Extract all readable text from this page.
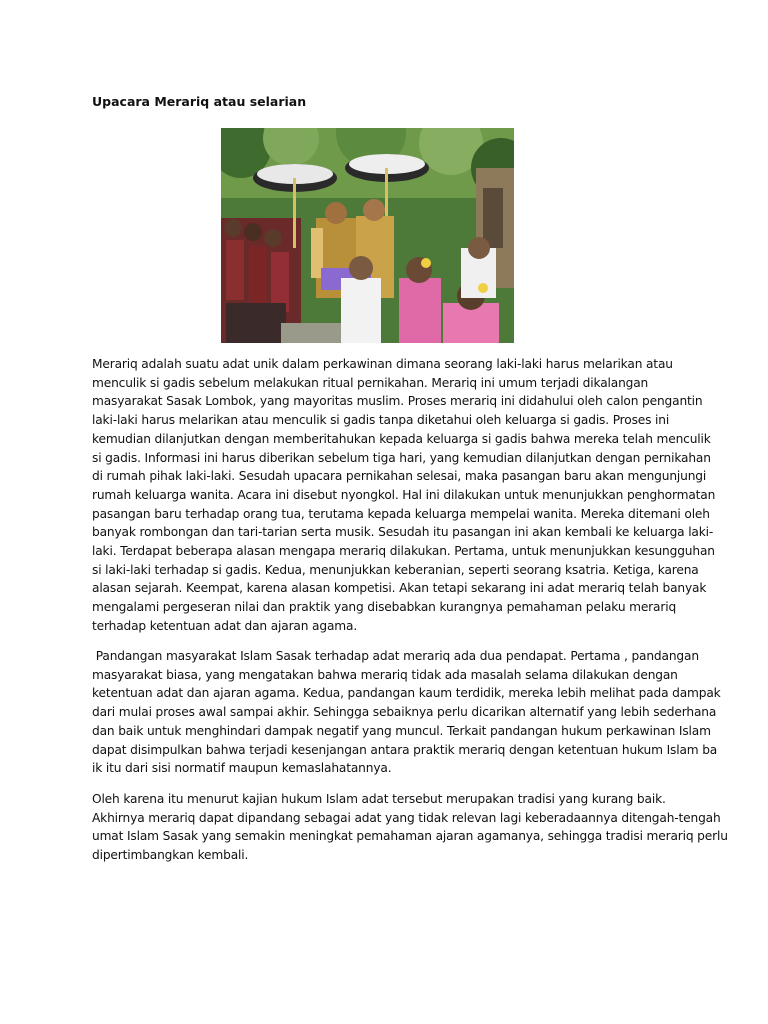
Upacara Merariq atau selarian
Merariq adalah suatu adat unik dalam perkawinan dimana seorang laki-laki harus melarikan atau
menculik si gadis sebelum melakukan ritual pernikahan. Merariq ini umum terjadi dikalangan
masyarakat Sasak Lombok, yang mayoritas muslim. Proses merariq ini didahului oleh calon pengantin
laki-laki harus melarikan atau menculik si gadis tanpa diketahui oleh keluarga si gadis. Proses ini
kemudian dilanjutkan dengan memberitahukan kepada keluarga si gadis bahwa mereka telah menculik
si gadis. Informasi ini harus diberikan sebelum tiga hari, yang kemudian dilanjutkan dengan pernikahan
di rumah pihak laki-laki. Sesudah upacara pernikahan selesai, maka pasangan baru akan mengunjungi
rumah keluarga wanita. Acara ini disebut nyongkol. Hal ini dilakukan untuk menunjukkan penghormatan
pasangan baru terhadap orang tua, terutama kepada keluarga mempelai wanita. Mereka ditemani oleh
banyak rombongan dan tari-tarian serta musik. Sesudah itu pasangan ini akan kembali ke keluarga laki-
laki. Terdapat beberapa alasan mengapa merariq dilakukan. Pertama, untuk menunjukkan kesungguhan
si laki-laki terhadap si gadis. Kedua, menunjukkan keberanian, seperti seorang ksatria. Ketiga, karena
alasan sejarah. Keempat, karena alasan kompetisi. Akan tetapi sekarang ini adat merariq telah banyak
mengalami pergeseran nilai dan praktik yang disebabkan kurangnya pemahaman pelaku merariq
terhadap ketentuan adat dan ajaran agama.
Pandangan masyarakat Islam Sasak terhadap adat merariq ada dua pendapat. Pertama , pandangan
masyarakat biasa, yang mengatakan bahwa merariq tidak ada masalah selama dilakukan dengan
ketentuan adat dan ajaran agama. Kedua, pandangan kaum terdidik, mereka lebih melihat pada dampak
dari mulai proses awal sampai akhir. Sehingga sebaiknya perlu dicarikan alternatif yang lebih sederhana
dan baik untuk menghindari dampak negatif yang muncul. Terkait pandangan hukum perkawinan Islam
dapat disimpulkan bahwa terjadi kesenjangan antara praktik merariq dengan ketentuan hukum Islam ba
ik itu dari sisi normatif maupun kemaslahatannya.
Oleh karena itu menurut kajian hukum Islam adat tersebut merupakan tradisi yang kurang baik.
Akhirnya merariq dapat dipandang sebagai adat yang tidak relevan lagi keberadaannya ditengah-tengah
umat Islam Sasak yang semakin meningkat pemahaman ajaran agamanya, sehingga tradisi merariq perlu
dipertimbangkan kembali.
